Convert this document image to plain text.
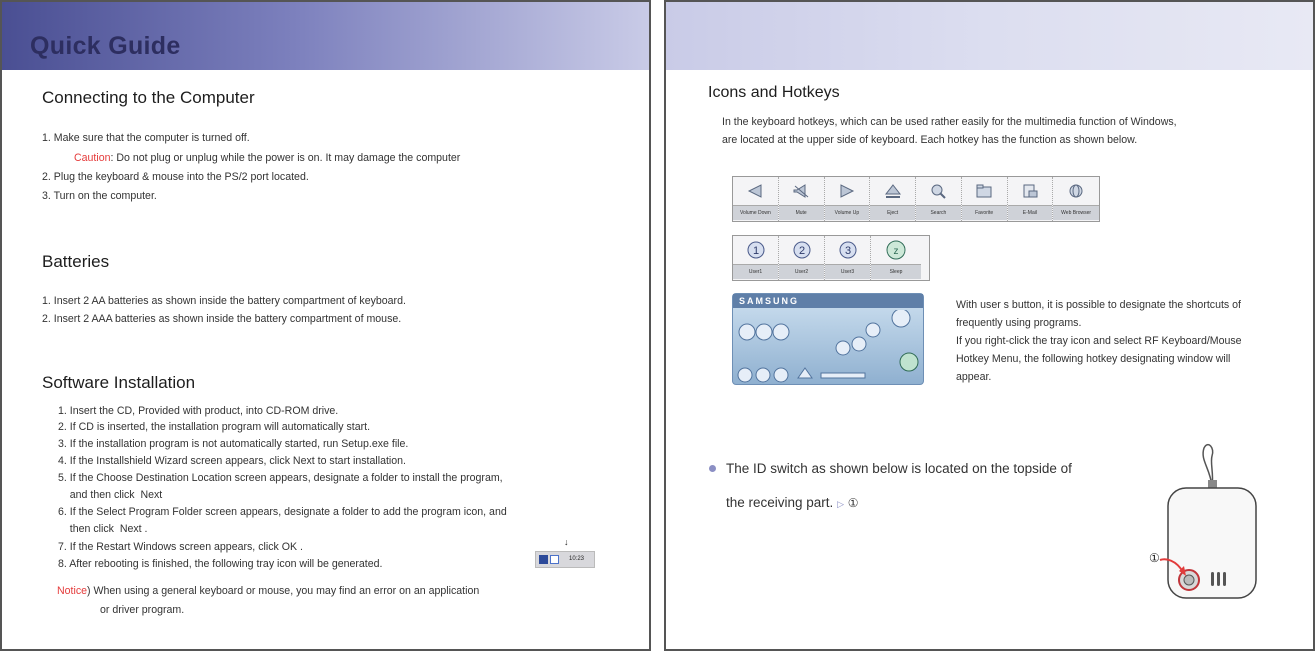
Quick Guide
Connecting to the Computer
1. Make sure that the computer is turned off.
Caution: Do not plug or unplug while the power is on. It may damage the computer
2. Plug the keyboard & mouse into the PS/2 port located.
3. Turn on the computer.
Batteries
1. Insert 2 AA batteries as shown inside the battery compartment of keyboard.
2. Insert 2 AAA batteries as shown inside the battery compartment of mouse.
Software Installation
1. Insert the CD, Provided with product, into CD-ROM drive.
2. If CD is inserted, the installation program will automatically start.
3. If the installation program is not automatically started, run Setup.exe file.
4. If the Installshield Wizard screen appears, click Next to start installation.
5. If the Choose Destination Location screen appears, designate a folder to install the program,
and then click  Next
6. If the Select Program Folder screen appears, designate a folder to add the program icon, and
then click  Next .
7. If the Restart Windows screen appears, click OK .
8. After rebooting is finished, the following tray icon will be generated.
↓
10:23
Notice) When using a general keyboard or mouse, you may find an error on an application
or driver program.
Icons and Hotkeys
In the keyboard hotkeys, which can be used rather easily for the multimedia function of Windows,
are located at the upper side of keyboard. Each hotkey has the function as shown below.
Volume Down	Mute	Volume Up	Eject	Search	Favorite	E-Mail	Web Browser
1
User1
2
User2
3
User3
z
Sleep
SAMSUNG	With user s button, it is possible to designate the shortcuts of
frequently using programs.
If you right-click the tray icon and select RF Keyboard/Mouse
Hotkey Menu, the following hotkey designating window will
appear.
The ID switch as shown below is located on the topside of
the receiving part. ▷ ①
①
